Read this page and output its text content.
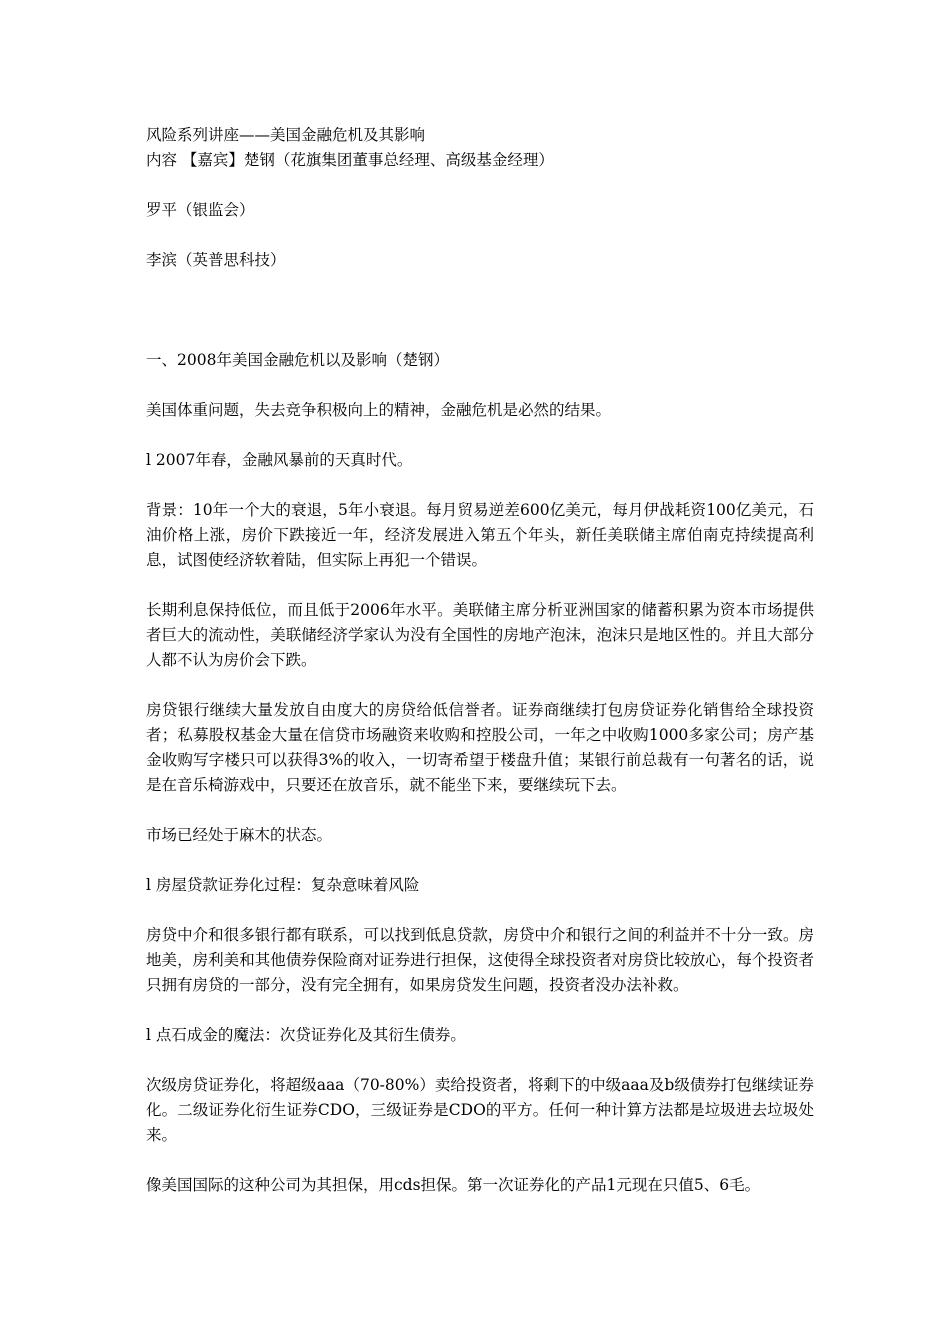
风险系列讲座——美国金融危机及其影响

内容 【嘉宾】楚钢（花旗集团董事总经理、高级基金经理）

罗平（银监会）

李滨（英普思科技）

一、2008年美国金融危机以及影响（楚钢）

美国体重问题，失去竞争积极向上的精神，金融危机是必然的结果。

l 2007年春，金融风暴前的天真时代。

背景：10年一个大的衰退，5年小衰退。每月贸易逆差600亿美元，每月伊战耗资100亿美元，石油价格上涨，房价下跌接近一年，经济发展进入第五个年头，新任美联储主席伯南克持续提高利息，试图使经济软着陆，但实际上再犯一个错误。

长期利息保持低位，而且低于2006年水平。美联储主席分析亚洲国家的储蓄积累为资本市场提供者巨大的流动性，美联储经济学家认为没有全国性的房地产泡沫，泡沫只是地区性的。并且大部分人都不认为房价会下跌。

房贷银行继续大量发放自由度大的房贷给低信誉者。证券商继续打包房贷证券化销售给全球投资者；私募股权基金大量在信贷市场融资来收购和控股公司，一年之中收购1000多家公司；房产基金收购写字楼只可以获得3%的收入，一切寄希望于楼盘升值；某银行前总裁有一句著名的话，说是在音乐椅游戏中，只要还在放音乐，就不能坐下来，要继续玩下去。

市场已经处于麻木的状态。

l 房屋贷款证券化过程：复杂意味着风险

房贷中介和很多银行都有联系，可以找到低息贷款，房贷中介和银行之间的利益并不十分一致。房地美，房利美和其他债券保险商对证券进行担保，这使得全球投资者对房贷比较放心，每个投资者只拥有房贷的一部分，没有完全拥有，如果房贷发生问题，投资者没办法补救。

l 点石成金的魔法：次贷证券化及其衍生债券。

次级房贷证券化，将超级aaa（70-80%）卖给投资者，将剩下的中级aaa及b级债券打包继续证券化。二级证券化衍生证券CDO，三级证券是CDO的平方。任何一种计算方法都是垃圾进去垃圾处来。

像美国国际的这种公司为其担保，用cds担保。第一次证券化的产品1元现在只值5、6毛。
